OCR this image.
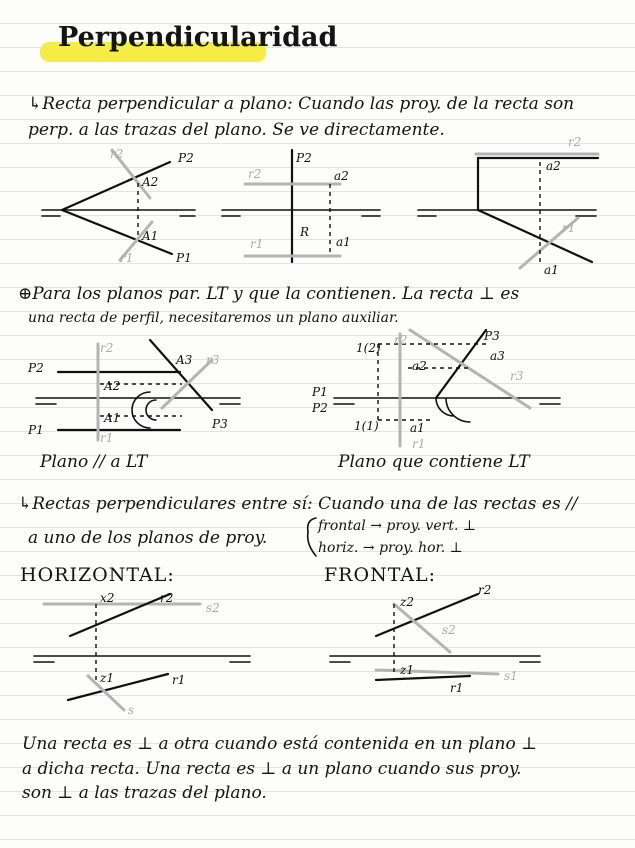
Perpendicularidad
↳Recta perpendicular a plano: Cuando las proy. de la recta son
perp. a las trazas del plano. Se ve directamente.
P2
A2
A1
P1
r2
r1
P2
r2	a2
R
a1
r1
r2
a2
r1
a1
⊕Para los planos par. LT y que la contienen. La recta ⊥ es
una recta de perfil, necesitaremos un plano auxiliar.
P2
P1
r2
A2
A1
A3 r3
P3
r1
Plano // a LT
P3
1(2)
r2
a2
a3
r3
P1
P2
1(1)	a1
r1
Plano que contiene LT
↳Rectas perpendiculares entre sí: Cuando una de las rectas es //
a uno de los planos de proy.
frontal → proy. vert. ⊥
horiz. → proy. hor. ⊥
HORIZONTAL:	FRONTAL:
x2	r2
s2
z1	r1
s
z2
r2
s2
z1
r1
s1
Una recta es ⊥ a otra cuando está contenida en un plano ⊥
a dicha recta. Una recta es ⊥ a un plano cuando sus proy.
son ⊥ a las trazas del plano.
